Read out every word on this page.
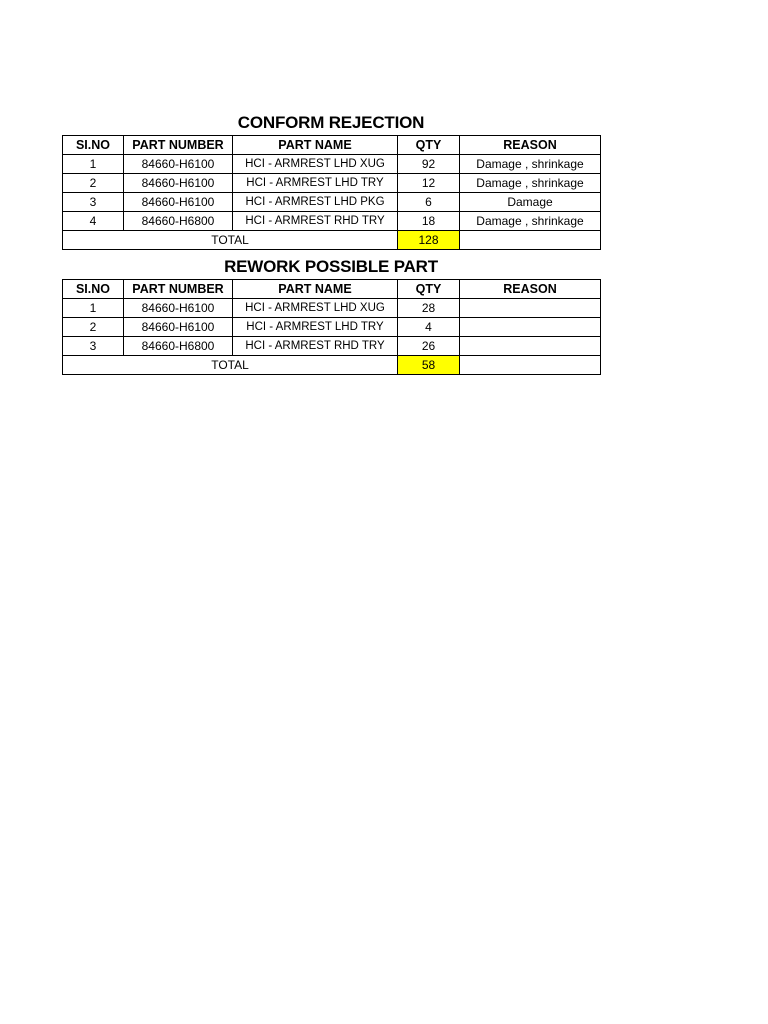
CONFORM REJECTION
SI.NO	PART NUMBER	PART NAME	QTY	REASON
1	84660-H6100	HCI - ARMREST LHD XUG	92	Damage , shrinkage
2	84660-H6100	HCI - ARMREST LHD TRY	12	Damage , shrinkage
3	84660-H6100	HCI - ARMREST LHD PKG	6	Damage
4	84660-H6800	HCI - ARMREST RHD TRY	18	Damage , shrinkage
TOTAL			128	
REWORK POSSIBLE PART
SI.NO	PART NUMBER	PART NAME	QTY	REASON
1	84660-H6100	HCI - ARMREST LHD XUG	28	
2	84660-H6100	HCI - ARMREST LHD TRY	4	
3	84660-H6800	HCI - ARMREST RHD TRY	26	
TOTAL			58	
